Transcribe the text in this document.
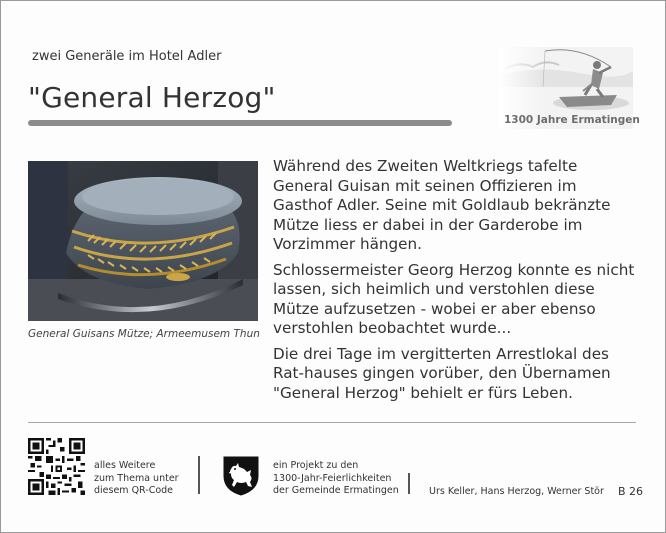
zwei Generäle im Hotel Adler
"General Herzog"
1300 Jahre Ermatingen
General Guisans Mütze; Armeemusem Thun

Während des Zweiten Weltkriegs tafelte General Guisan mit seinen Offizieren im Gasthof Adler. Seine mit Goldlaub bekränzte Mütze liess er dabei in der Garderobe im Vorzimmer hängen.

Schlossermeister Georg Herzog konnte es nicht lassen, sich heimlich und verstohlen diese Mütze aufzusetzen - wobei er aber ebenso verstohlen beobachtet wurde...

Die drei Tage im vergitterten Arrestlokal des Rat-hauses gingen vorüber, den Übernamen "General Herzog" behielt er fürs Leben.

alles Weitere
zum Thema unter
diesem QR-Code
ein Projekt zu den
1300-Jahr-Feierlichkeiten
der Gemeinde Ermatingen	Urs Keller, Hans Herzog, Werner Stör B 26
